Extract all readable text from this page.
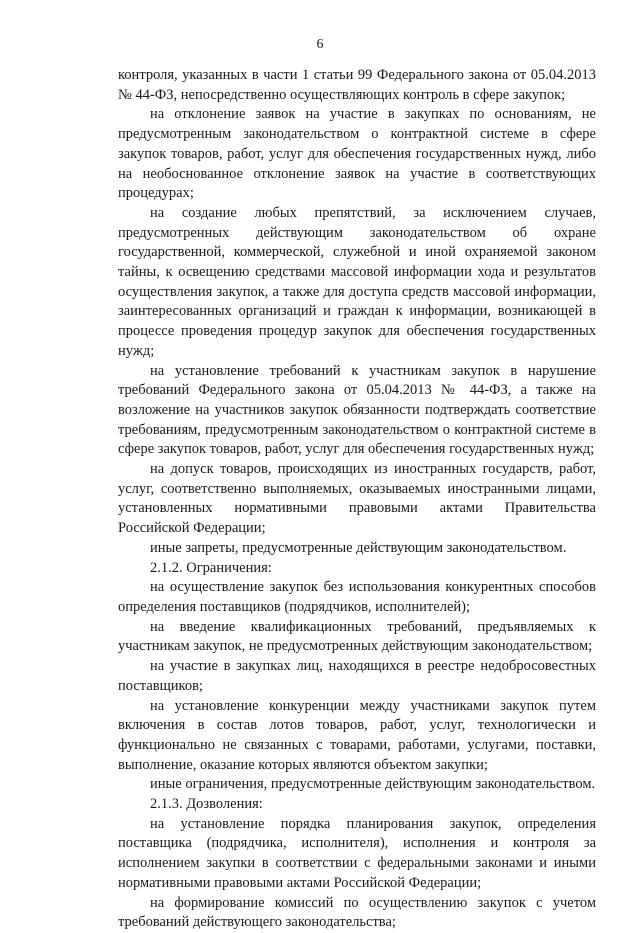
6

контроля, указанных в части 1 статьи 99 Федерального закона от 05.04.2013 № 44-ФЗ, непосредственно осуществляющих контроль в сфере закупок;

на отклонение заявок на участие в закупках по основаниям, не предусмотренным законодательством о контрактной системе в сфере закупок товаров, работ, услуг для обеспечения государственных нужд, либо на необоснованное отклонение заявок на участие в соответствующих процедурах;

на создание любых препятствий, за исключением случаев, предусмотренных действующим законодательством об охране государственной, коммерческой, служебной и иной охраняемой законом тайны, к освещению средствами массовой информации хода и результатов осуществления закупок, а также для доступа средств массовой информации, заинтересованных организаций и граждан к информации, возникающей в процессе проведения процедур закупок для обеспечения государственных нужд;

на установление требований к участникам закупок в нарушение требований Федерального закона от 05.04.2013 № 44-ФЗ, а также на возложение на участников закупок обязанности подтверждать соответствие требованиям, предусмотренным законодательством о контрактной системе в сфере закупок товаров, работ, услуг для обеспечения государственных нужд;

на допуск товаров, происходящих из иностранных государств, работ, услуг, соответственно выполняемых, оказываемых иностранными лицами, установленных нормативными правовыми актами Правительства Российской Федерации;

иные запреты, предусмотренные действующим законодательством.

2.1.2. Ограничения:

на осуществление закупок без использования конкурентных способов определения поставщиков (подрядчиков, исполнителей);

на введение квалификационных требований, предъявляемых к участникам закупок, не предусмотренных действующим законодательством;

на участие в закупках лиц, находящихся в реестре недобросовестных поставщиков;

на установление конкуренции между участниками закупок путем включения в состав лотов товаров, работ, услуг, технологически и функционально не связанных с товарами, работами, услугами, поставки, выполнение, оказание которых являются объектом закупки;

иные ограничения, предусмотренные действующим законодательством.

2.1.3. Дозволения:

на установление порядка планирования закупок, определения поставщика (подрядчика, исполнителя), исполнения и контроля за исполнением закупки в соответствии с федеральными законами и иными нормативными правовыми актами Российской Федерации;

на формирование комиссий по осуществлению закупок с учетом требований действующего законодательства;
